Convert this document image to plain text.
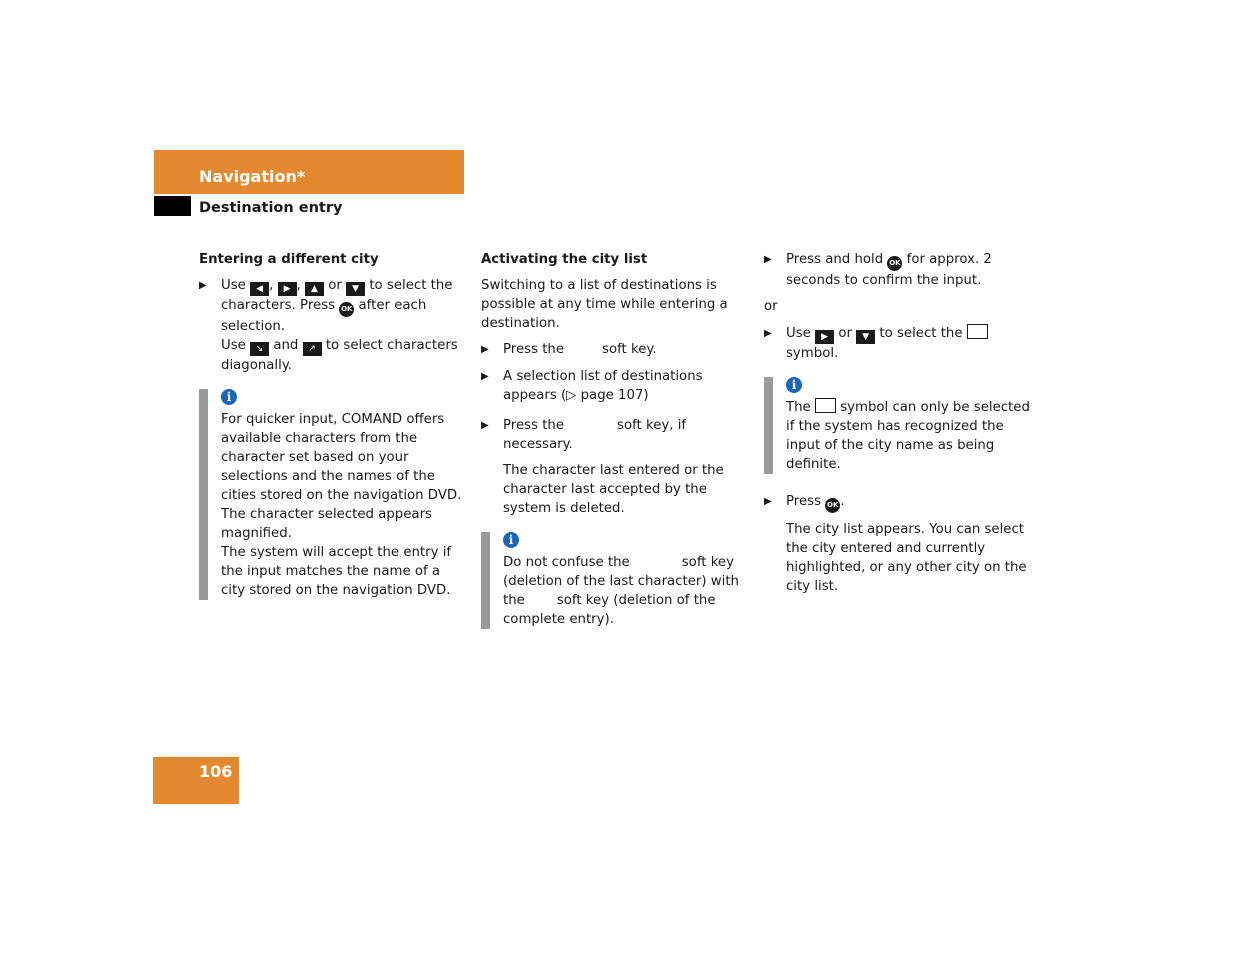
Navigation*
Destination entry

Entering a different city

▶ Use ◀ , ▶ , ▲ or ▼ to select the characters. Press OK after each selection.
Use ↘ and ↗ to select characters diagonally.
i

For quicker input, COMAND offers available characters from the character set based on your selections and the names of the cities stored on the navigation DVD.

The character selected appears magnified.

The system will accept the entry if the input matches the name of a city stored on the navigation DVD.

Activating the city list

Switching to a list of destinations is possible at any time while entering a destination.

▶ Press the	soft key.
▶ A selection list of destinations appears (▷ page 107)
▶ Press the	soft key, if necessary.

The character last entered or the character last accepted by the system is deleted.

i
Do not confuse the	soft key (deletion of the last character) with the soft key (deletion of the complete entry).
▶ Press and hold OK for approx. 2 seconds to confirm the input.

or

▶ Use ▶ or ▼ to select the  symbol.
i
The symbol can only be selected if the system has recognized the input of the city name as being definite.
▶ Press OK .

The city list appears. You can select the city entered and currently highlighted, or any other city on the city list.

106
